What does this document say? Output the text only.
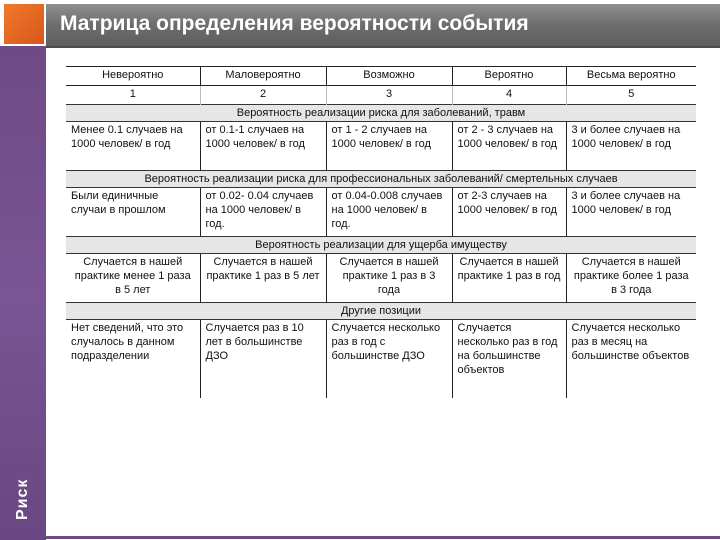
Матрица определения вероятности события
Риск
Невероятно	Маловероятно	Возможно	Вероятно	Весьма вероятно
1	2	3	4	5
Вероятность реализации риска для заболеваний, травм				
Менее 0.1 случаев на 1000 человек/ в год	от 0.1-1 случаев на 1000 человек/ в год	от 1 - 2 случаев на 1000 человек/ в год	от 2 - 3 случаев на 1000 человек/ в год	3 и более случаев на 1000 человек/ в год
Вероятность реализации риска для профессиональных заболеваний/ смертельных случаев				
Были единичные случаи в прошлом	от 0.02- 0.04 случаев на 1000 человек/ в год.	от 0.04-0.008 случаев на 1000 человек/ в год.	от 2-3 случаев на 1000 человек/ в год	3 и более случаев на 1000 человек/ в год
Вероятность реализации для ущерба имуществу				
Случается в нашей практике менее 1 раза в 5 лет	Случается в нашей практике 1 раз в 5 лет	Случается в нашей практике 1 раз в 3 года	Случается в нашей практике 1 раз в год	Случается в нашей практике более 1 раза в 3 года
Другие позиции				
Нет сведений, что это случалось в данном подразделении	Случается раз в 10 лет в большинстве ДЗО	Случается несколько раз в год с большинстве ДЗО	Случается несколько раз в год на большинстве объектов	Случается несколько раз в месяц на большинстве объектов
